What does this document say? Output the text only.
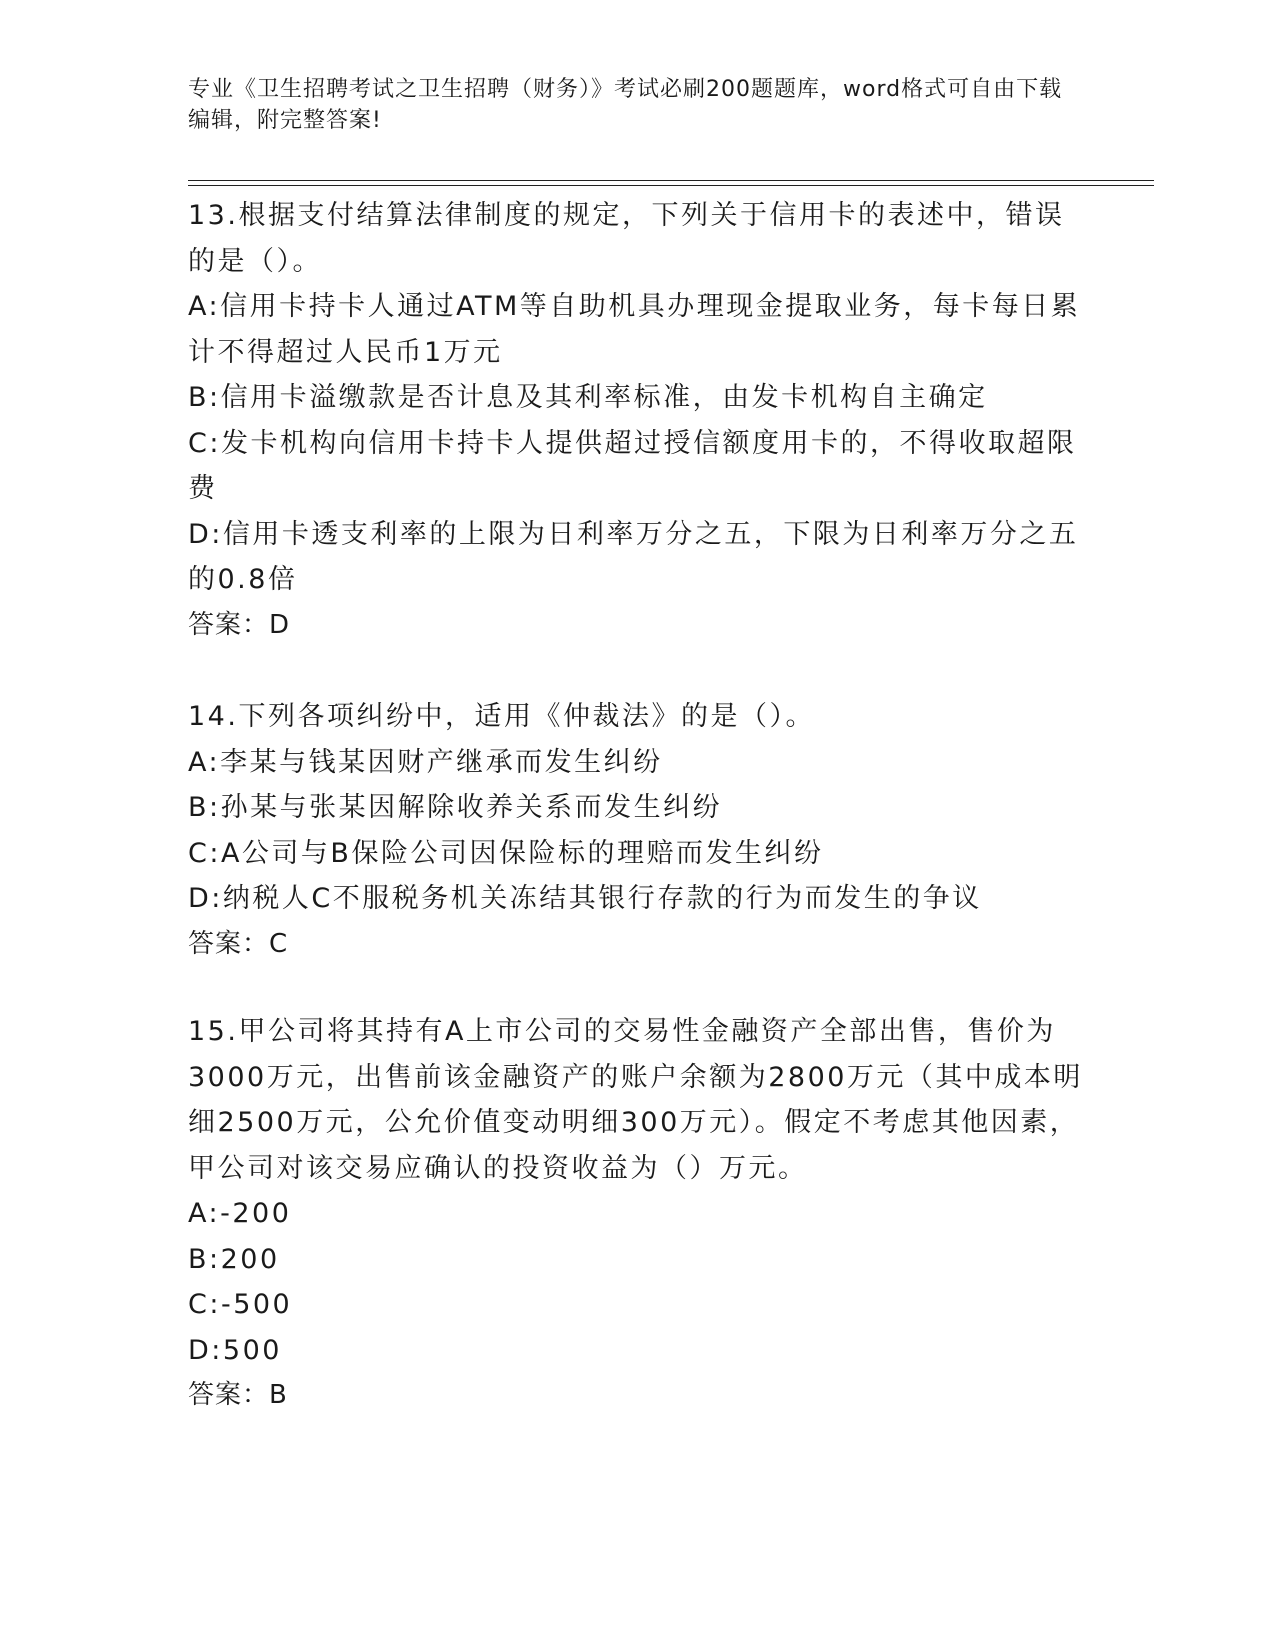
专业《卫生招聘考试之卫生招聘（财务）》考试必刷200题题库，word格式可自由下载编辑，附完整答案!
13.根据支付结算法律制度的规定，下列关于信用卡的表述中，错误的是（）。
A:信用卡持卡人通过ATM等自助机具办理现金提取业务，每卡每日累计不得超过人民币1万元
B:信用卡溢缴款是否计息及其利率标准，由发卡机构自主确定
C:发卡机构向信用卡持卡人提供超过授信额度用卡的，不得收取超限费
D:信用卡透支利率的上限为日利率万分之五，下限为日利率万分之五的0.8倍
答案：D
14.下列各项纠纷中，适用《仲裁法》的是（）。
A:李某与钱某因财产继承而发生纠纷
B:孙某与张某因解除收养关系而发生纠纷
C:A公司与B保险公司因保险标的理赔而发生纠纷
D:纳税人C不服税务机关冻结其银行存款的行为而发生的争议
答案：C
15.甲公司将其持有A上市公司的交易性金融资产全部出售，售价为3000万元，出售前该金融资产的账户余额为2800万元（其中成本明细2500万元，公允价值变动明细300万元）。假定不考虑其他因素，甲公司对该交易应确认的投资收益为（）万元。
A:-200
B:200
C:-500
D:500
答案：B
